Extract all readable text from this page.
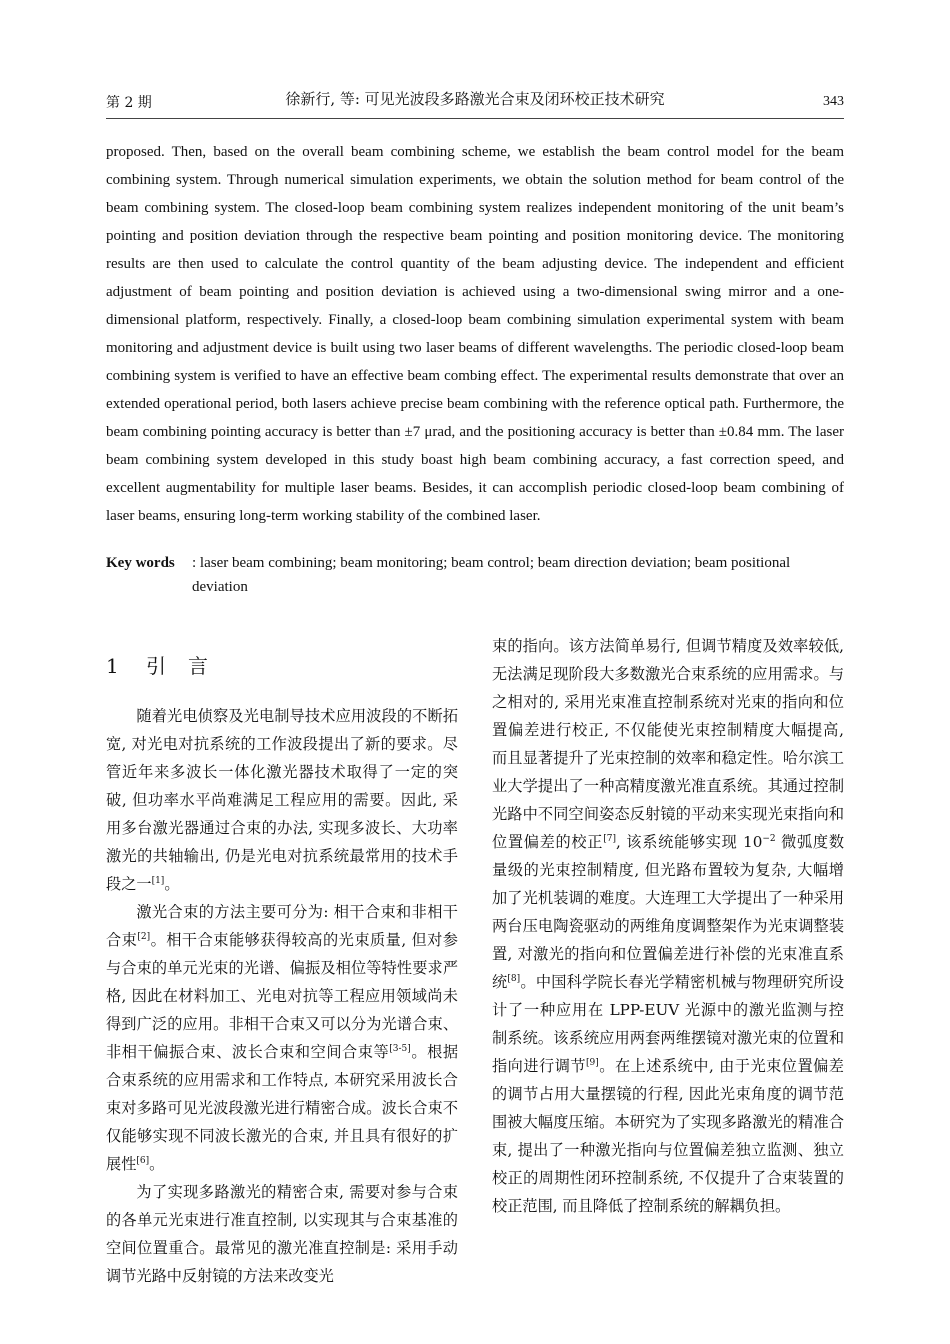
第 2 期	徐新行, 等: 可见光波段多路激光合束及闭环校正技术研究	343

proposed. Then, based on the overall beam combining scheme, we establish the beam control model for the beam combining system. Through numerical simulation experiments, we obtain the solution method for beam control of the beam combining system. The closed-loop beam combining system realizes independent monitoring of the unit beam’s pointing and position deviation through the respective beam pointing and position monitoring device. The monitoring results are then used to calculate the control quantity of the beam adjusting device. The independent and efficient adjustment of beam pointing and position deviation is achieved using a two-dimensional swing mirror and a one-dimensional platform, respectively. Finally, a closed-loop beam combining simulation experimental system with beam monitoring and adjustment device is built using two laser beams of different wavelengths. The periodic closed-loop beam combining system is verified to have an effective beam combing effect. The experimental results demonstrate that over an extended operational period, both lasers achieve precise beam combining with the reference optical path. Furthermore, the beam combining pointing accuracy is better than ±7 μrad, and the positioning accuracy is better than ±0.84 mm. The laser beam combining system developed in this study boast high beam combining accuracy, a fast correction speed, and excellent augmentability for multiple laser beams. Besides, it can accomplish periodic closed-loop beam combining of laser beams, ensuring long-term working stability of the combined laser.

Key words : laser beam combining; beam monitoring; beam control; beam direction deviation; beam positional deviation
1 引言

随着光电侦察及光电制导技术应用波段的不断拓宽, 对光电对抗系统的工作波段提出了新的要求。尽管近年来多波长一体化激光器技术取得了一定的突破, 但功率水平尚难满足工程应用的需要。因此, 采用多台激光器通过合束的办法, 实现多波长、大功率激光的共轴输出, 仍是光电对抗系统最常用的技术手段之一[1]。

激光合束的方法主要可分为: 相干合束和非相干合束[2]。相干合束能够获得较高的光束质量, 但对参与合束的单元光束的光谱、偏振及相位等特性要求严格, 因此在材料加工、光电对抗等工程应用领域尚未得到广泛的应用。非相干合束又可以分为光谱合束、非相干偏振合束、波长合束和空间合束等[3-5]。根据合束系统的应用需求和工作特点, 本研究采用波长合束对多路可见光波段激光进行精密合成。波长合束不仅能够实现不同波长激光的合束, 并且具有很好的扩展性[6]。

为了实现多路激光的精密合束, 需要对参与合束的各单元光束进行准直控制, 以实现其与合束基准的空间位置重合。最常见的激光准直控制是: 采用手动调节光路中反射镜的方法来改变光

束的指向。该方法简单易行, 但调节精度及效率较低, 无法满足现阶段大多数激光合束系统的应用需求。与之相对的, 采用光束准直控制系统对光束的指向和位置偏差进行校正, 不仅能使光束控制精度大幅提高, 而且显著提升了光束控制的效率和稳定性。哈尔滨工业大学提出了一种高精度激光准直系统。其通过控制光路中不同空间姿态反射镜的平动来实现光束指向和位置偏差的校正[7], 该系统能够实现 10$^{-2}$ 微弧度数量级的光束控制精度, 但光路布置较为复杂, 大幅增加了光机装调的难度。大连理工大学提出了一种采用两台压电陶瓷驱动的两维角度调整架作为光束调整装置, 对激光的指向和位置偏差进行补偿的光束准直系统[8]。中国科学院长春光学精密机械与物理研究所设计了一种应用在 LPP-EUV 光源中的激光监测与控制系统。该系统应用两套两维摆镜对激光束的位置和指向进行调节[9]。在上述系统中, 由于光束位置偏差的调节占用大量摆镜的行程, 因此光束角度的调节范围被大幅度压缩。本研究为了实现多路激光的精准合束, 提出了一种激光指向与位置偏差独立监测、独立校正的周期性闭环控制系统, 不仅提升了合束装置的校正范围, 而且降低了控制系统的解耦负担。
